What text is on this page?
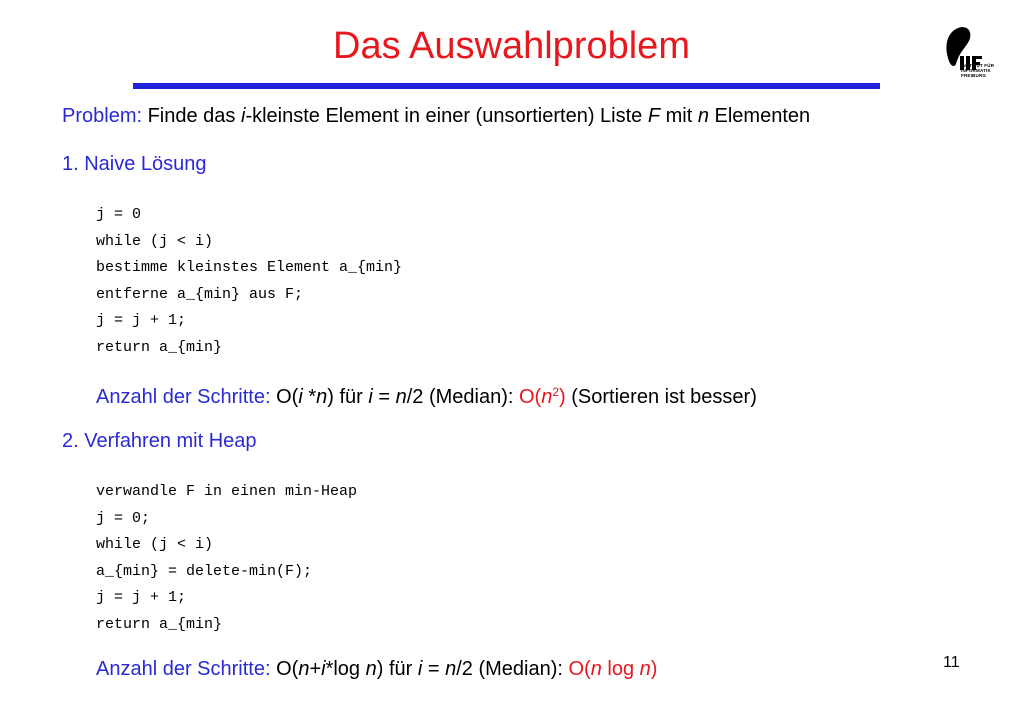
Das Auswahlproblem	INSTITUT FÜR
INFORMATIK
FREIBURG
Problem: Finde das i-kleinste Element in einer (unsortierten) Liste F mit n Elementen
1. Naive Lösung
j = 0
while (j < i)
bestimme kleinstes Element a_{min}
entferne a_{min} aus F;
j = j + 1;
return a_{min}
Anzahl der Schritte: O(i *n) für i = n/2 (Median): $O(n^2)$ (Sortieren ist besser)
2. Verfahren mit Heap
verwandle F in einen min-Heap
j = 0;
while (j < i)
a_{min} = delete-min(F);
j = j + 1;
return a_{min}
Anzahl der Schritte: O(n+i*log n) für i = n/2 (Median): O(n log n)	11
